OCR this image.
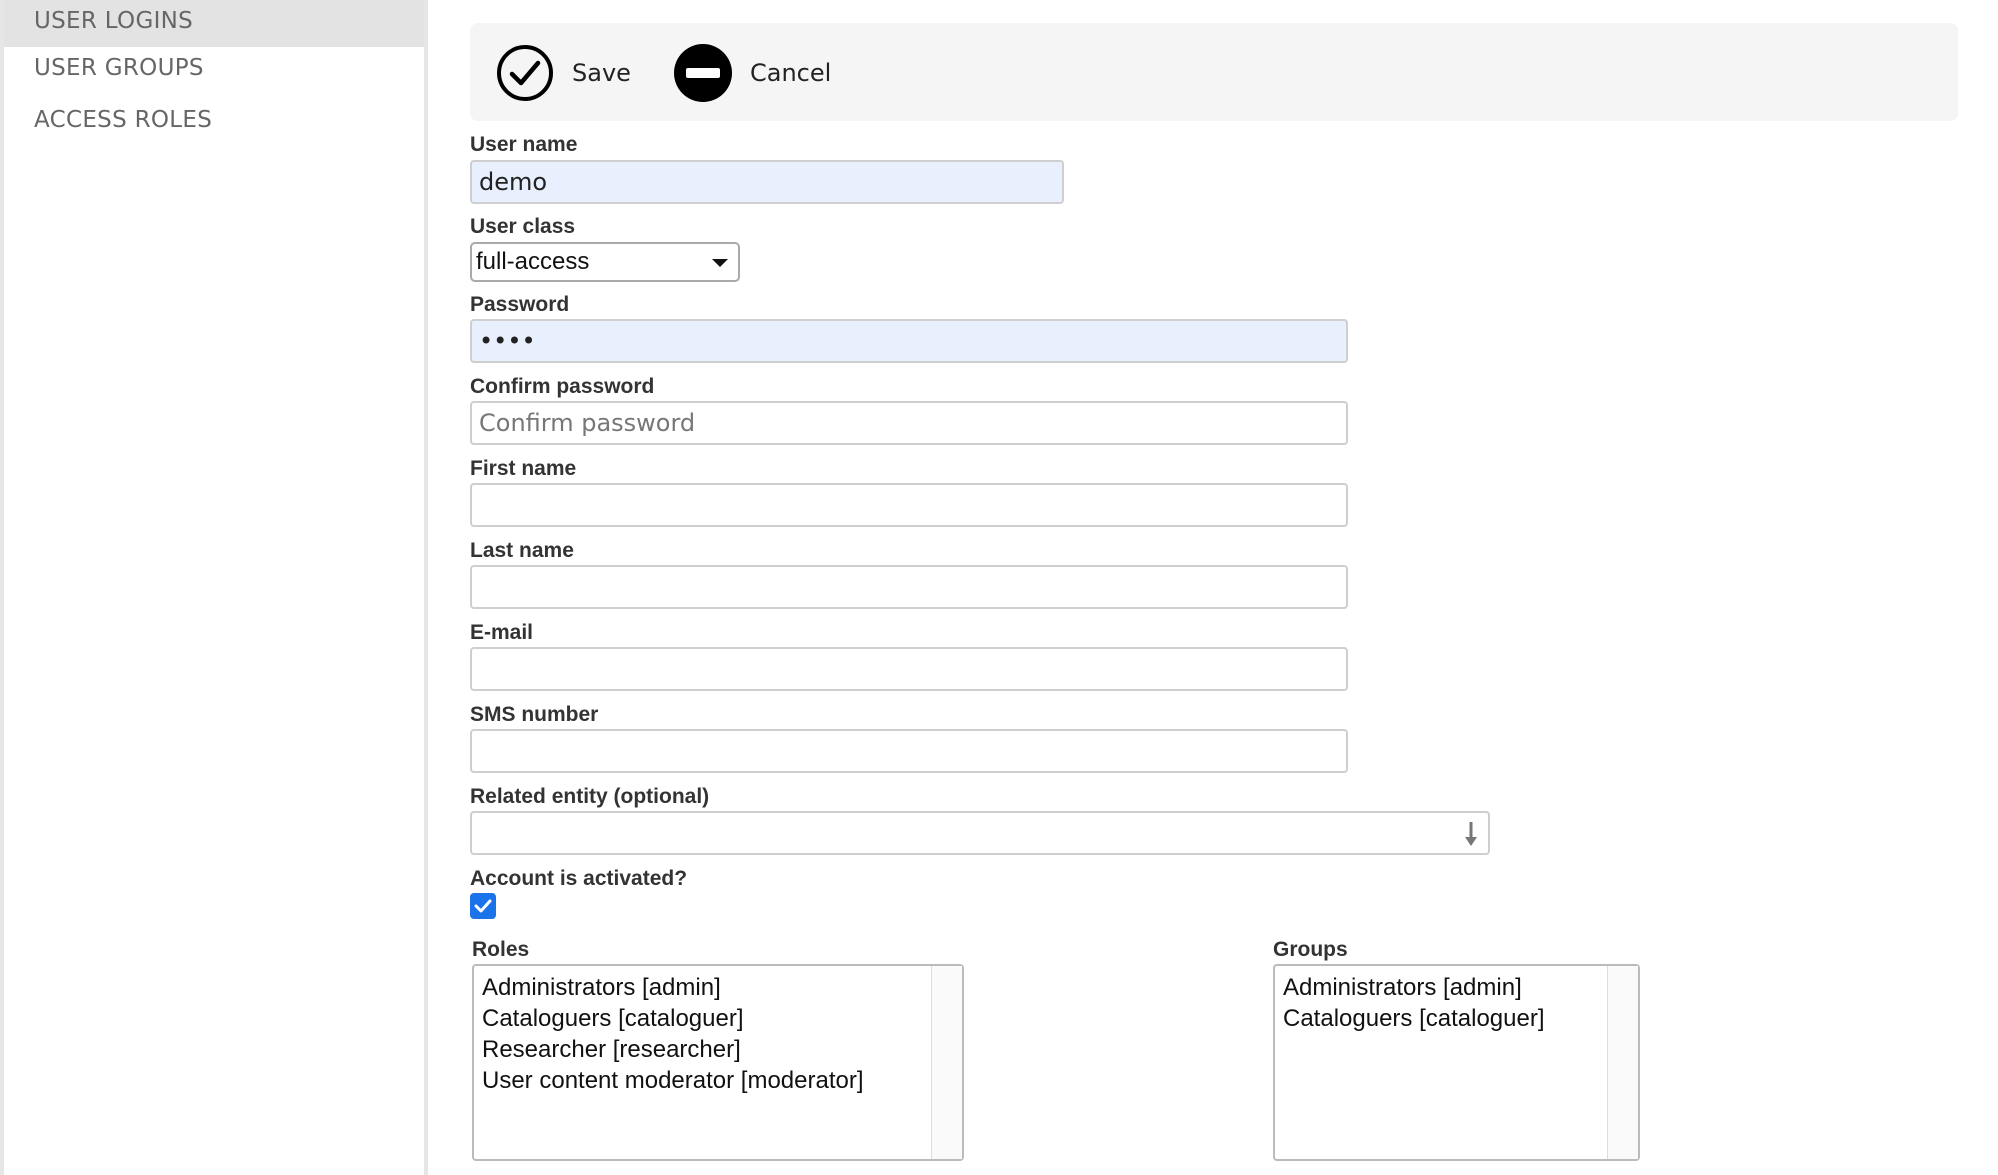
USER LOGINS
USER GROUPS
ACCESS ROLES
Save	Cancel
User name
demo
User class
full-access
Password
Confirm password
First name
Last name
E-mail
SMS number
Related entity (optional)
Account is activated?
Roles
Administrators [admin]
Cataloguers [cataloguer]
Researcher [researcher]
User content moderator [moderator]
Groups
Administrators [admin]
Cataloguers [cataloguer]
